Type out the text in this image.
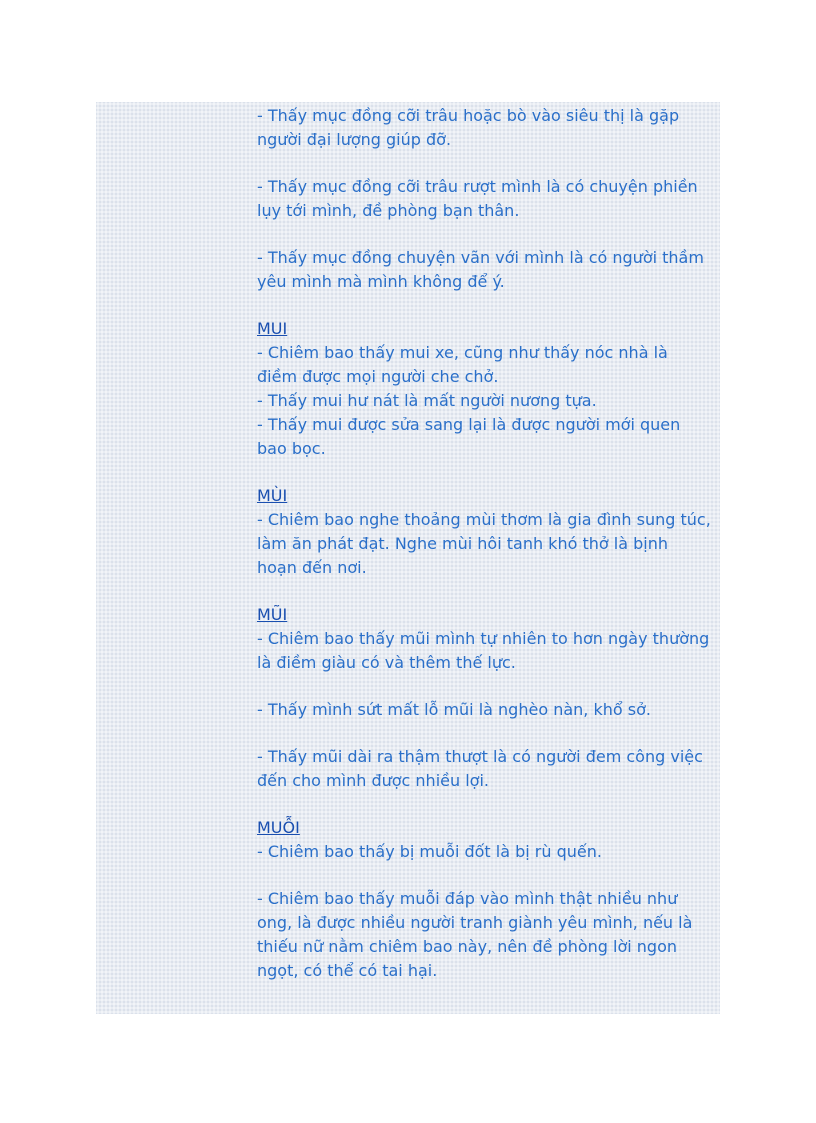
- Thấy mục đồng cỡi trâu hoặc bò vào siêu thị là gặp
người đại lượng giúp đỡ.
- Thấy mục đồng cỡi trâu rượt mình là có chuyện phiền
lụy tới mình, đề phòng bạn thân.
- Thấy mục đồng chuyện vãn với mình là có người thầm
yêu mình mà mình không để ý.
MUI
- Chiêm bao thấy mui xe, cũng như thấy nóc nhà là
điềm được mọi người che chở.
- Thấy mui hư nát là mất người nương tựa.
- Thấy mui được sửa sang lại là được người mới quen
bao bọc.
MÙI
- Chiêm bao nghe thoảng mùi thơm là gia đình sung túc,
làm ăn phát đạt. Nghe mùi hôi tanh khó thở là bịnh
hoạn đến nơi.
MŨI
- Chiêm bao thấy mũi mình tự nhiên to hơn ngày thường
là điềm giàu có và thêm thế lực.
- Thấy mình sứt mất lỗ mũi là nghèo nàn, khổ sở.
- Thấy mũi dài ra thậm thượt là có người đem công việc
đến cho mình được nhiều lợi.
MUỖI
- Chiêm bao thấy bị muỗi đốt là bị rù quến.
- Chiêm bao thấy muỗi đáp vào mình thật nhiều như
ong, là được nhiều người tranh giành yêu mình, nếu là
thiếu nữ nằm chiêm bao này, nên đề phòng lời ngon
ngọt, có thể có tai hại.
